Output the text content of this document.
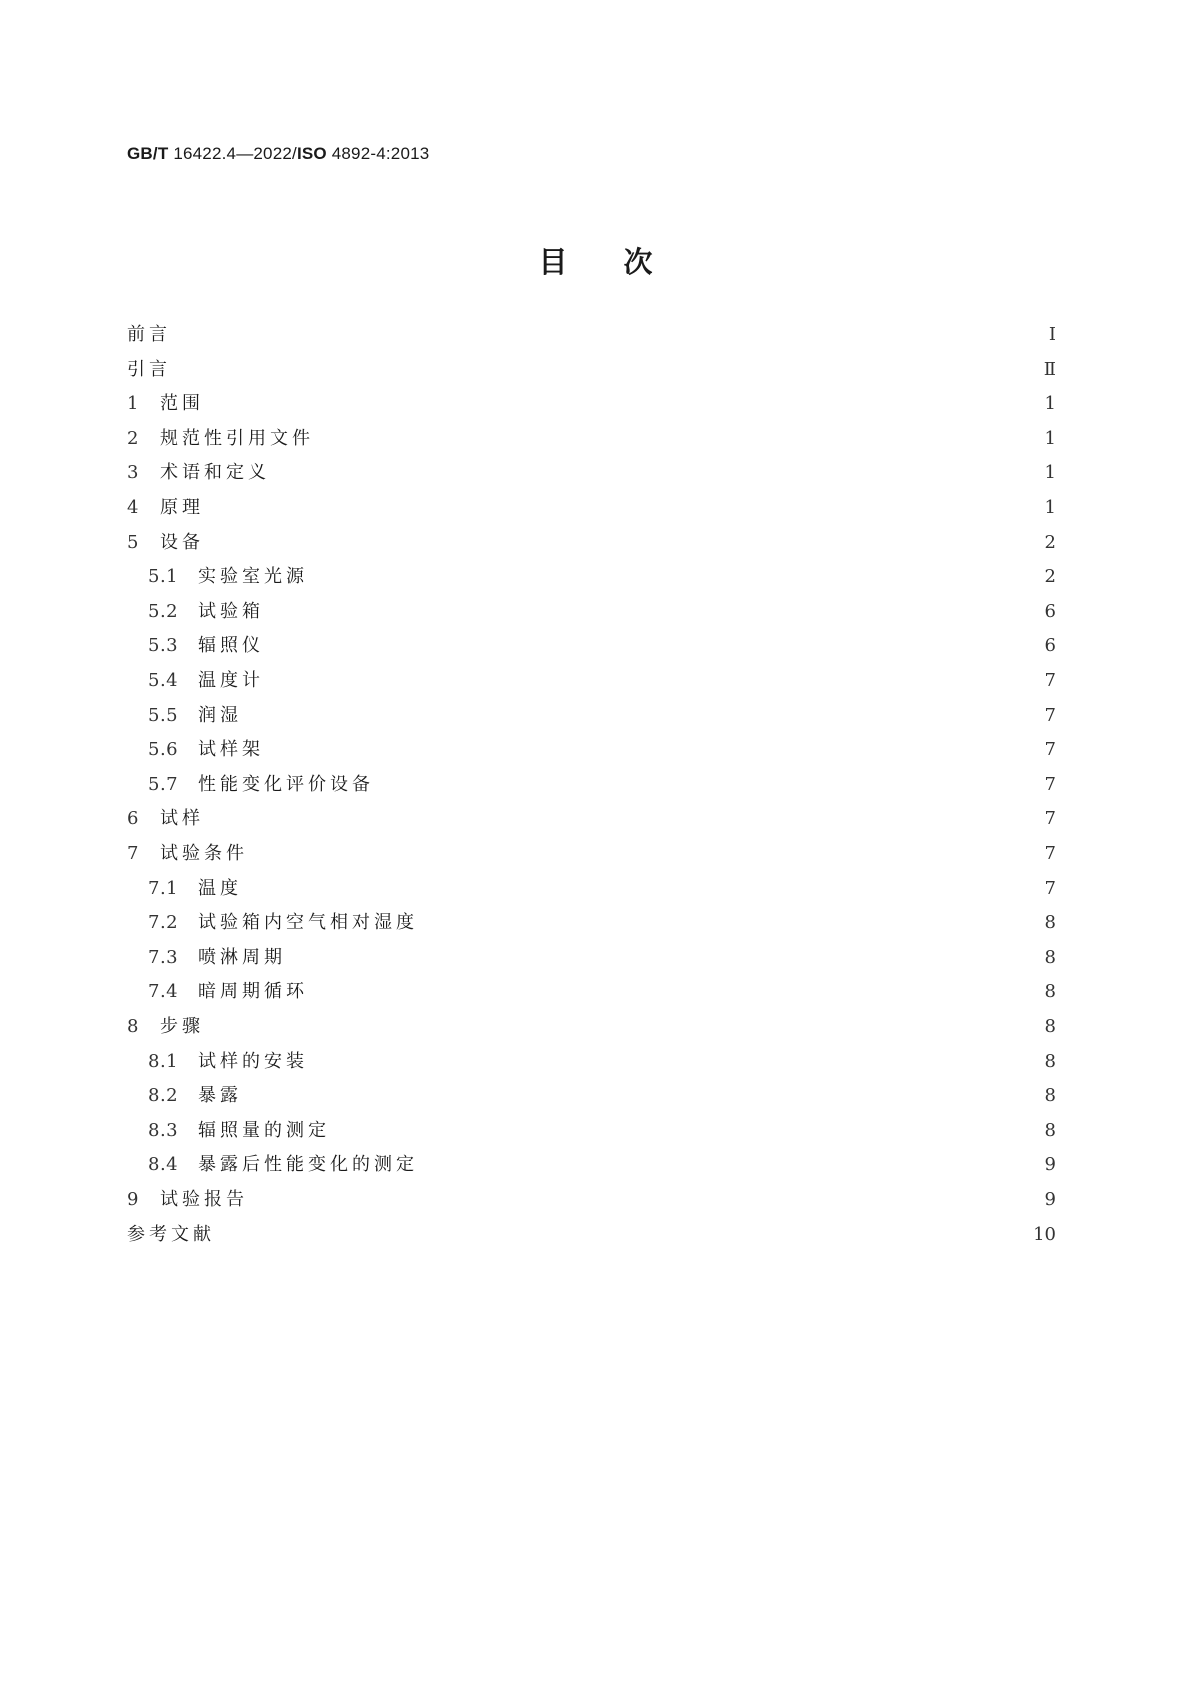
GB/T 16422.4—2022/ISO 4892-4:2013
目次
前言	Ⅰ
引言	Ⅱ
1	范围	1
2	规范性引用文件	1
3	术语和定义	1
4	原理	1
5	设备	2
5.1	实验室光源	2
5.2	试验箱	6
5.3	辐照仪	6
5.4	温度计	7
5.5	润湿	7
5.6	试样架	7
5.7	性能变化评价设备	7
6	试样	7
7	试验条件	7
7.1	温度	7
7.2	试验箱内空气相对湿度	8
7.3	喷淋周期	8
7.4	暗周期循环	8
8	步骤	8
8.1	试样的安装	8
8.2	暴露	8
8.3	辐照量的测定	8
8.4	暴露后性能变化的测定	9
9	试验报告	9
参考文献	10
